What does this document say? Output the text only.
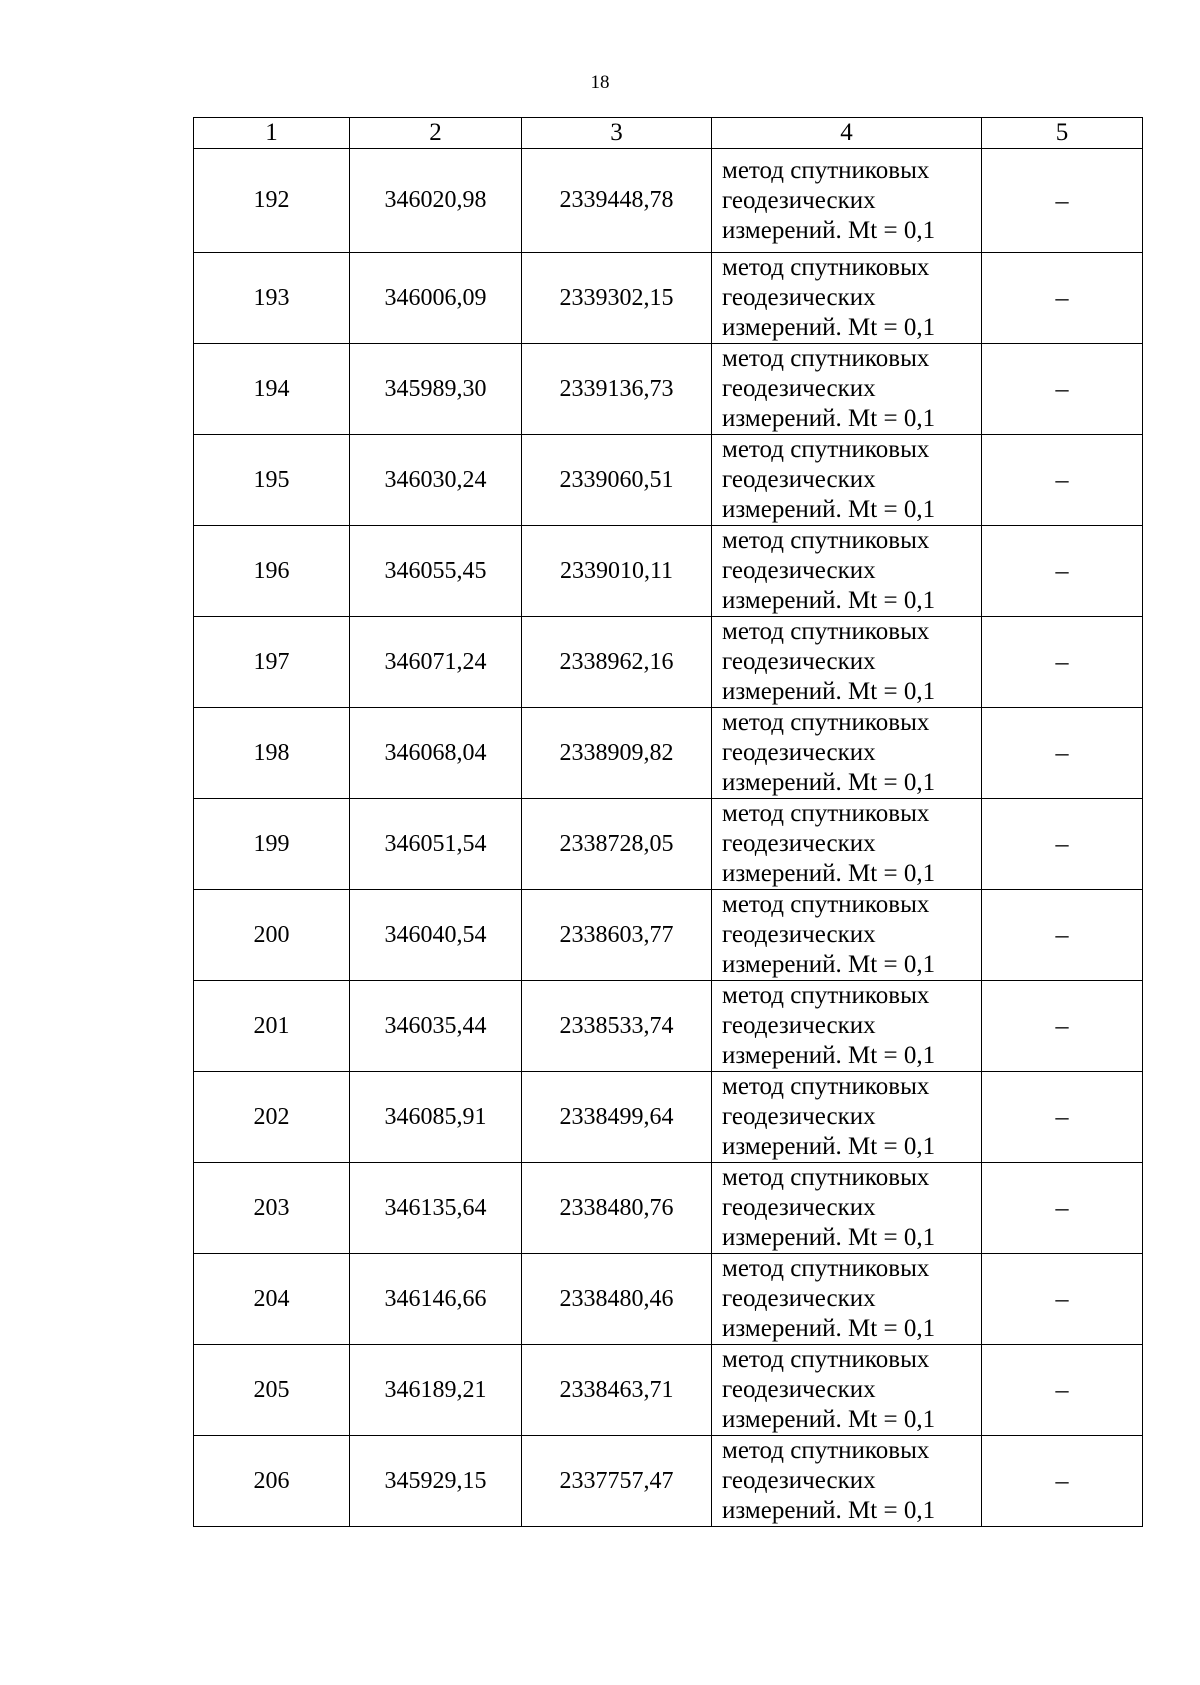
18
1	2	3	4	5
192	346020,98	2339448,78	метод спутниковых
геодезических
измерений. Mt = 0,1	–
193	346006,09	2339302,15	метод спутниковых
геодезических
измерений. Mt = 0,1	–
194	345989,30	2339136,73	метод спутниковых
геодезических
измерений. Mt = 0,1	–
195	346030,24	2339060,51	метод спутниковых
геодезических
измерений. Mt = 0,1	–
196	346055,45	2339010,11	метод спутниковых
геодезических
измерений. Mt = 0,1	–
197	346071,24	2338962,16	метод спутниковых
геодезических
измерений. Mt = 0,1	–
198	346068,04	2338909,82	метод спутниковых
геодезических
измерений. Mt = 0,1	–
199	346051,54	2338728,05	метод спутниковых
геодезических
измерений. Mt = 0,1	–
200	346040,54	2338603,77	метод спутниковых
геодезических
измерений. Mt = 0,1	–
201	346035,44	2338533,74	метод спутниковых
геодезических
измерений. Mt = 0,1	–
202	346085,91	2338499,64	метод спутниковых
геодезических
измерений. Mt = 0,1	–
203	346135,64	2338480,76	метод спутниковых
геодезических
измерений. Mt = 0,1	–
204	346146,66	2338480,46	метод спутниковых
геодезических
измерений. Mt = 0,1	–
205	346189,21	2338463,71	метод спутниковых
геодезических
измерений. Mt = 0,1	–
206	345929,15	2337757,47	метод спутниковых
геодезических
измерений. Mt = 0,1	–
